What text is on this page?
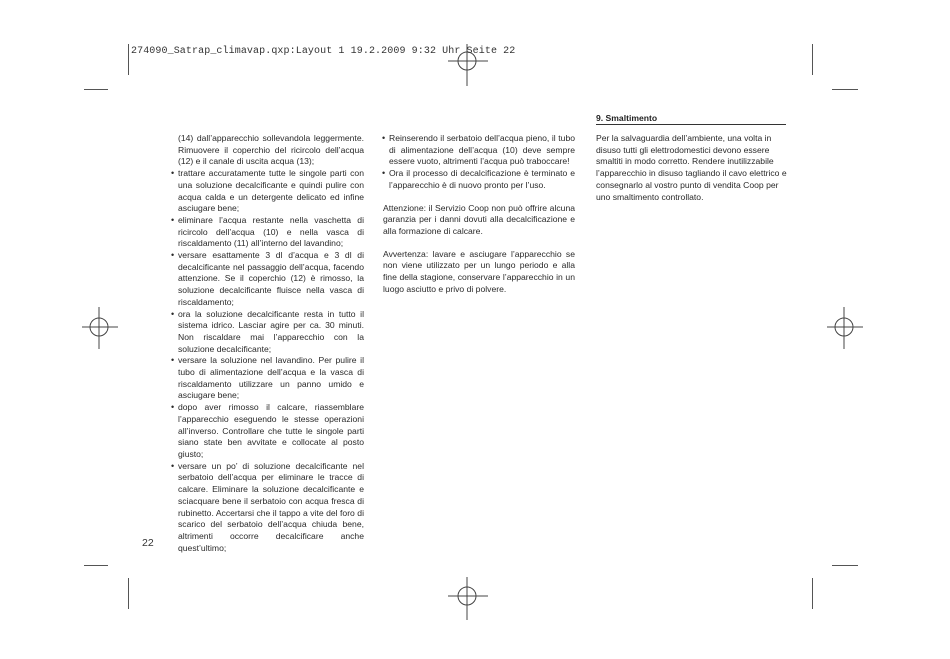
274090_Satrap_climavap.qxp:Layout 1 19.2.2009 9:32 Uhr Seite 22

(14) dall’apparecchio sollevandola leggermente. Rimuovere il coperchio del ricircolo dell’acqua (12) e il canale di uscita acqua (13);

• trattare accuratamente tutte le singole parti con una soluzione decalcificante e quindi pulire con acqua calda e un detergente delicato ed infine asciugare bene;
• eliminare l’acqua restante nella vaschetta di ricircolo dell’acqua (10) e nella vasca di riscaldamento (11) all’interno del lavandino;
• versare esattamente 3 dl d’acqua e 3 dl di decalcificante nel passaggio dell’acqua, facendo attenzione. Se il coperchio (12) è rimosso, la soluzione decalcificante fluisce nella vasca di riscaldamento;
• ora la soluzione decalcificante resta in tutto il sistema idrico. Lasciar agire per ca. 30 minuti. Non riscaldare mai l’apparecchio con la soluzione decalcificante;
• versare la soluzione nel lavandino. Per pulire il tubo di alimentazione dell’acqua e la vasca di riscaldamento utilizzare un panno umido e asciugare bene;
• dopo aver rimosso il calcare, riassemblare l’apparecchio eseguendo le stesse operazioni all’inverso. Controllare che tutte le singole parti siano state ben avvitate e collocate al posto giusto;
• versare un po’ di soluzione decalcificante nel serbatoio dell’acqua per eliminare le tracce di calcare. Eliminare la soluzione decalcificante e sciacquare bene il serbatoio con acqua fresca di rubinetto. Accertarsi che il tappo a vite del foro di scarico del serbatoio dell’acqua chiuda bene, altrimenti occorre decalcificare anche quest’ultimo;
• Reinserendo il serbatoio dell’acqua pieno, il tubo di alimentazione dell’acqua (10) deve sempre essere vuoto, altrimenti l’acqua può traboccare!
• Ora il processo di decalcificazione è terminato e l’apparecchio è di nuovo pronto per l’uso.

Attenzione: il Servizio Coop non può offrire alcuna garanzia per i danni dovuti alla decalcificazione e alla formazione di calcare.

Avvertenza: lavare e asciugare l’apparecchio se non viene utilizzato per un lungo periodo e alla fine della stagione, conservare l’apparecchio in un luogo asciutto e privo di polvere.

9. Smaltimento

Per la salvaguardia dell’ambiente, una volta in disuso tutti gli elettrodomestici devono essere smaltiti in modo corretto. Rendere inutilizzabile l’apparecchio in disuso tagliando il cavo elettrico e consegnarlo al vostro punto di vendita Coop per uno smaltimento controllato.

22
